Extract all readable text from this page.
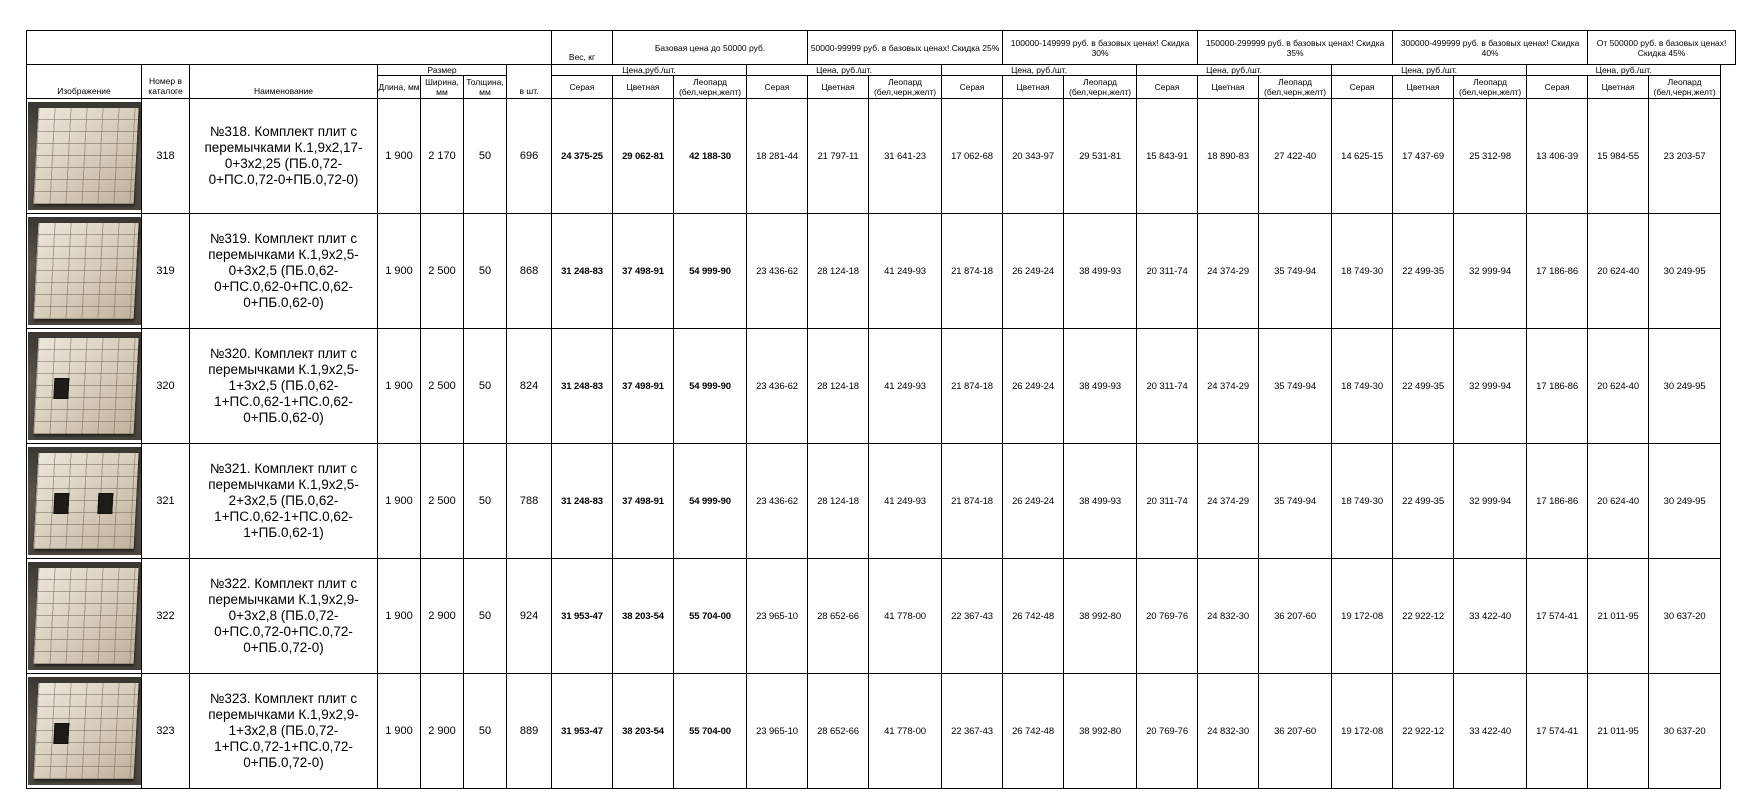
							Вес, кг	Базовая цена до 50000 руб.			50000-99999 руб. в базовых ценах! Скидка 25%			100000-149999 руб. в базовых ценах! Скидка 30%			150000-299999 руб. в базовых ценах! Скидка 35%			300000-499999 руб. в базовых ценах! Скидка 40%			От 500000 руб. в базовых ценах! Скидка 45%	
Изображение	Номер в каталоге	Наименование	Размер			в шт.	Цена,руб./шт.			Цена, руб./шт.			Цена, руб./шт.			Цена, руб./шт.			Цена, руб./шт.			Цена, руб./шт.		
			Длина, мм	Ширина, мм	Толщина, мм		Серая	Цветная	Леопард (бел,черн,желт)	Серая	Цветная	Леопард (бел,черн,желт)	Серая	Цветная	Леопард (бел,черн,желт)	Серая	Цветная	Леопард (бел,черн,желт)	Серая	Цветная	Леопард (бел,черн,желт)	Серая	Цветная	Леопард (бел,черн,желт)

	318	№318. Комплект плит с перемычками К.1,9х2,17-0+3х2,25 (ПБ.0,72-0+ПС.0,72-0+ПБ.0,72-0)	1 900	2 170	50	696	24 375-25	29 062-81	42 188-30	18 281-44	21 797-11	31 641-23	17 062-68	20 343-97	29 531-81	15 843-91	18 890-83	27 422-40	14 625-15	17 437-69	25 312-98	13 406-39	15 984-55	23 203-57

	319	№319. Комплект плит с перемычками К.1,9х2,5-0+3х2,5 (ПБ.0,62-0+ПС.0,62-0+ПС.0,62-0+ПБ.0,62-0)	1 900	2 500	50	868	31 248-83	37 498-91	54 999-90	23 436-62	28 124-18	41 249-93	21 874-18	26 249-24	38 499-93	20 311-74	24 374-29	35 749-94	18 749-30	22 499-35	32 999-94	17 186-86	20 624-40	30 249-95

	320	№320. Комплект плит с перемычками К.1,9х2,5-1+3х2,5 (ПБ.0,62-1+ПС.0,62-1+ПС.0,62-0+ПБ.0,62-0)	1 900	2 500	50	824	31 248-83	37 498-91	54 999-90	23 436-62	28 124-18	41 249-93	21 874-18	26 249-24	38 499-93	20 311-74	24 374-29	35 749-94	18 749-30	22 499-35	32 999-94	17 186-86	20 624-40	30 249-95

	321	№321. Комплект плит с перемычками К.1,9х2,5-2+3х2,5 (ПБ.0,62-1+ПС.0,62-1+ПС.0,62-1+ПБ.0,62-1)	1 900	2 500	50	788	31 248-83	37 498-91	54 999-90	23 436-62	28 124-18	41 249-93	21 874-18	26 249-24	38 499-93	20 311-74	24 374-29	35 749-94	18 749-30	22 499-35	32 999-94	17 186-86	20 624-40	30 249-95

	322	№322. Комплект плит с перемычками К.1,9х2,9-0+3х2,8 (ПБ.0,72-0+ПС.0,72-0+ПС.0,72-0+ПБ.0,72-0)	1 900	2 900	50	924	31 953-47	38 203-54	55 704-00	23 965-10	28 652-66	41 778-00	22 367-43	26 742-48	38 992-80	20 769-76	24 832-30	36 207-60	19 172-08	22 922-12	33 422-40	17 574-41	21 011-95	30 637-20

	323	№323. Комплект плит с перемычками К.1,9х2,9-1+3х2,8 (ПБ.0,72-1+ПС.0,72-1+ПС.0,72-0+ПБ.0,72-0)	1 900	2 900	50	889	31 953-47	38 203-54	55 704-00	23 965-10	28 652-66	41 778-00	22 367-43	26 742-48	38 992-80	20 769-76	24 832-30	36 207-60	19 172-08	22 922-12	33 422-40	17 574-41	21 011-95	30 637-20
